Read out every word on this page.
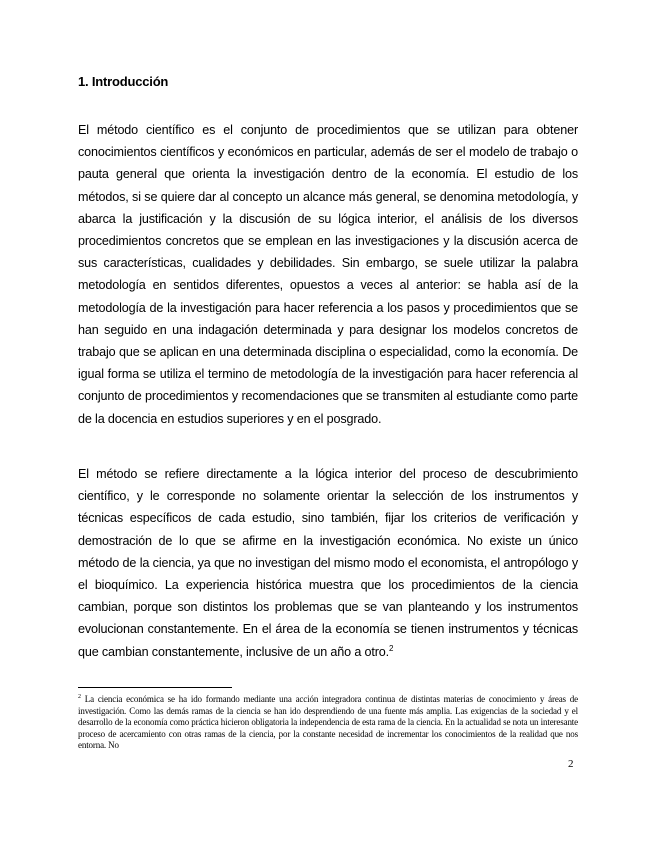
1. Introducción

El método científico es el conjunto de procedimientos que se utilizan para obtener conocimientos científicos y económicos en particular, además de ser el modelo de trabajo o pauta general que orienta la investigación dentro de la economía. El estudio de los métodos, si se quiere dar al concepto un alcance más general, se denomina metodología, y abarca la justificación y la discusión de su lógica interior, el análisis de los diversos procedimientos concretos que se emplean en las investigaciones y la discusión acerca de sus características, cualidades y debilidades. Sin embargo, se suele utilizar la palabra metodología en sentidos diferentes, opuestos a veces al anterior: se habla así de la metodología de la investigación para hacer referencia a los pasos y procedimientos que se han seguido en una indagación determinada y para designar los modelos concretos de trabajo que se aplican en una determinada disciplina o especialidad, como la economía. De igual forma se utiliza el termino de metodología de la investigación para hacer referencia al conjunto de procedimientos y recomendaciones que se transmiten al estudiante como parte de la docencia en estudios superiores y en el posgrado.

El método se refiere directamente a la lógica interior del proceso de descubrimiento científico, y le corresponde no solamente orientar la selección de los instrumentos y técnicas específicos de cada estudio, sino también, fijar los criterios de verificación y demostración de lo que se afirme en la investigación económica. No existe un único método de la ciencia, ya que no investigan del mismo modo el economista, el antropólogo y el bioquímico. La experiencia histórica muestra que los procedimientos de la ciencia cambian, porque son distintos los problemas que se van planteando y los instrumentos evolucionan constantemente. En el área de la economía se tienen instrumentos y técnicas que cambian constantemente, inclusive de un año a otro.$^2$

$^2$ La ciencia económica se ha ido formando mediante una acción integradora continua de distintas materias de conocimiento y áreas de investigación. Como las demás ramas de la ciencia se han ido desprendiendo de una fuente más amplia. Las exigencias de la sociedad y el desarrollo de la economía como práctica hicieron obligatoria la independencia de esta rama de la ciencia. En la actualidad se nota un interesante proceso de acercamiento con otras ramas de la ciencia, por la constante necesidad de incrementar los conocimientos de la realidad que nos entorna. No

2
